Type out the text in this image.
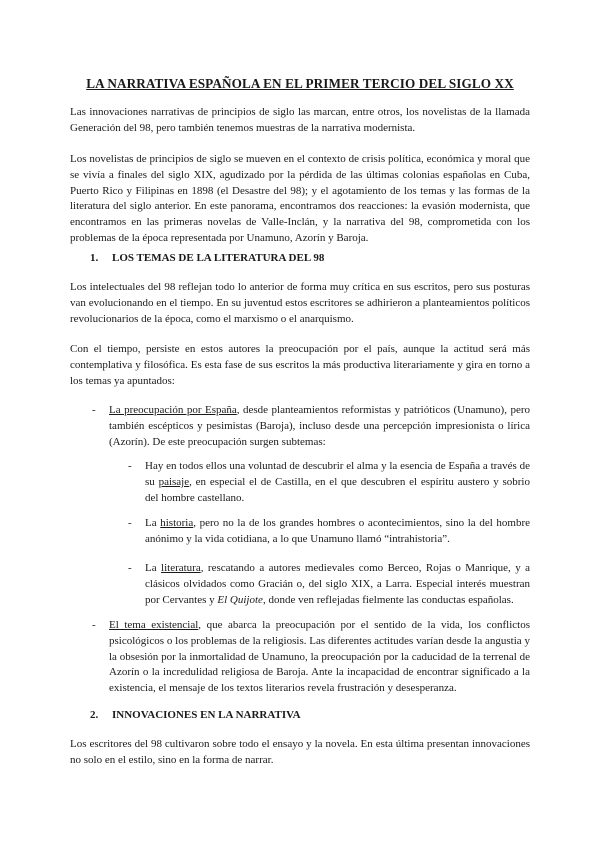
LA NARRATIVA ESPAÑOLA EN EL PRIMER TERCIO DEL SIGLO XX

Las innovaciones narrativas de principios de siglo las marcan, entre otros, los novelistas de la llamada Generación del 98, pero también tenemos muestras de la narrativa modernista.

Los novelistas de principios de siglo se mueven en el contexto de crisis política, económica y moral que se vivía a finales del siglo XIX, agudizado por la pérdida de las últimas colonias españolas en Cuba, Puerto Rico y Filipinas en 1898 (el Desastre del 98); y el agotamiento de los temas y las formas de la literatura del siglo anterior. En este panorama, encontramos dos reacciones: la evasión modernista, que encontramos en las primeras novelas de Valle-Inclán, y la narrativa del 98, comprometida con los problemas de la época representada por Unamuno, Azorín y Baroja.

1. LOS TEMAS DE LA LITERATURA DEL 98

Los intelectuales del 98 reflejan todo lo anterior de forma muy crítica en sus escritos, pero sus posturas van evolucionando en el tiempo. En su juventud estos escritores se adhirieron a planteamientos políticos revolucionarios de la época, como el marxismo o el anarquismo.

Con el tiempo, persiste en estos autores la preocupación por el país, aunque la actitud será más contemplativa y filosófica. Es esta fase de sus escritos la más productiva literariamente y gira en torno a los temas ya apuntados:

- La preocupación por España, desde planteamientos reformistas y patrióticos (Unamuno), pero también escépticos y pesimistas (Baroja), incluso desde una percepción impresionista o lírica (Azorín). De este preocupación surgen subtemas:

- Hay en todos ellos una voluntad de descubrir el alma y la esencia de España a través de su paisaje, en especial el de Castilla, en el que descubren el espíritu austero y sobrio del hombre castellano.

- La historia, pero no la de los grandes hombres o acontecimientos, sino la del hombre anónimo y la vida cotidiana, a lo que Unamuno llamó “intrahistoria”.

- La literatura, rescatando a autores medievales como Berceo, Rojas o Manrique, y a clásicos olvidados como Gracián o, del siglo XIX, a Larra. Especial interés muestran por Cervantes y El Quijote, donde ven reflejadas fielmente las conductas españolas.

- El tema existencial, que abarca la preocupación por el sentido de la vida, los conflictos psicológicos o los problemas de la religiosis. Las diferentes actitudes varían desde la angustia y la obsesión por la inmortalidad de Unamuno, la preocupación por la caducidad de la terrenal de Azorín o la incredulidad religiosa de Baroja. Ante la incapacidad de encontrar significado a la existencia, el mensaje de los textos literarios revela frustración y desesperanza.

2. INNOVACIONES EN LA NARRATIVA

Los escritores del 98 cultivaron sobre todo el ensayo y la novela. En esta última presentan innovaciones no solo en el estilo, sino en la forma de narrar.
